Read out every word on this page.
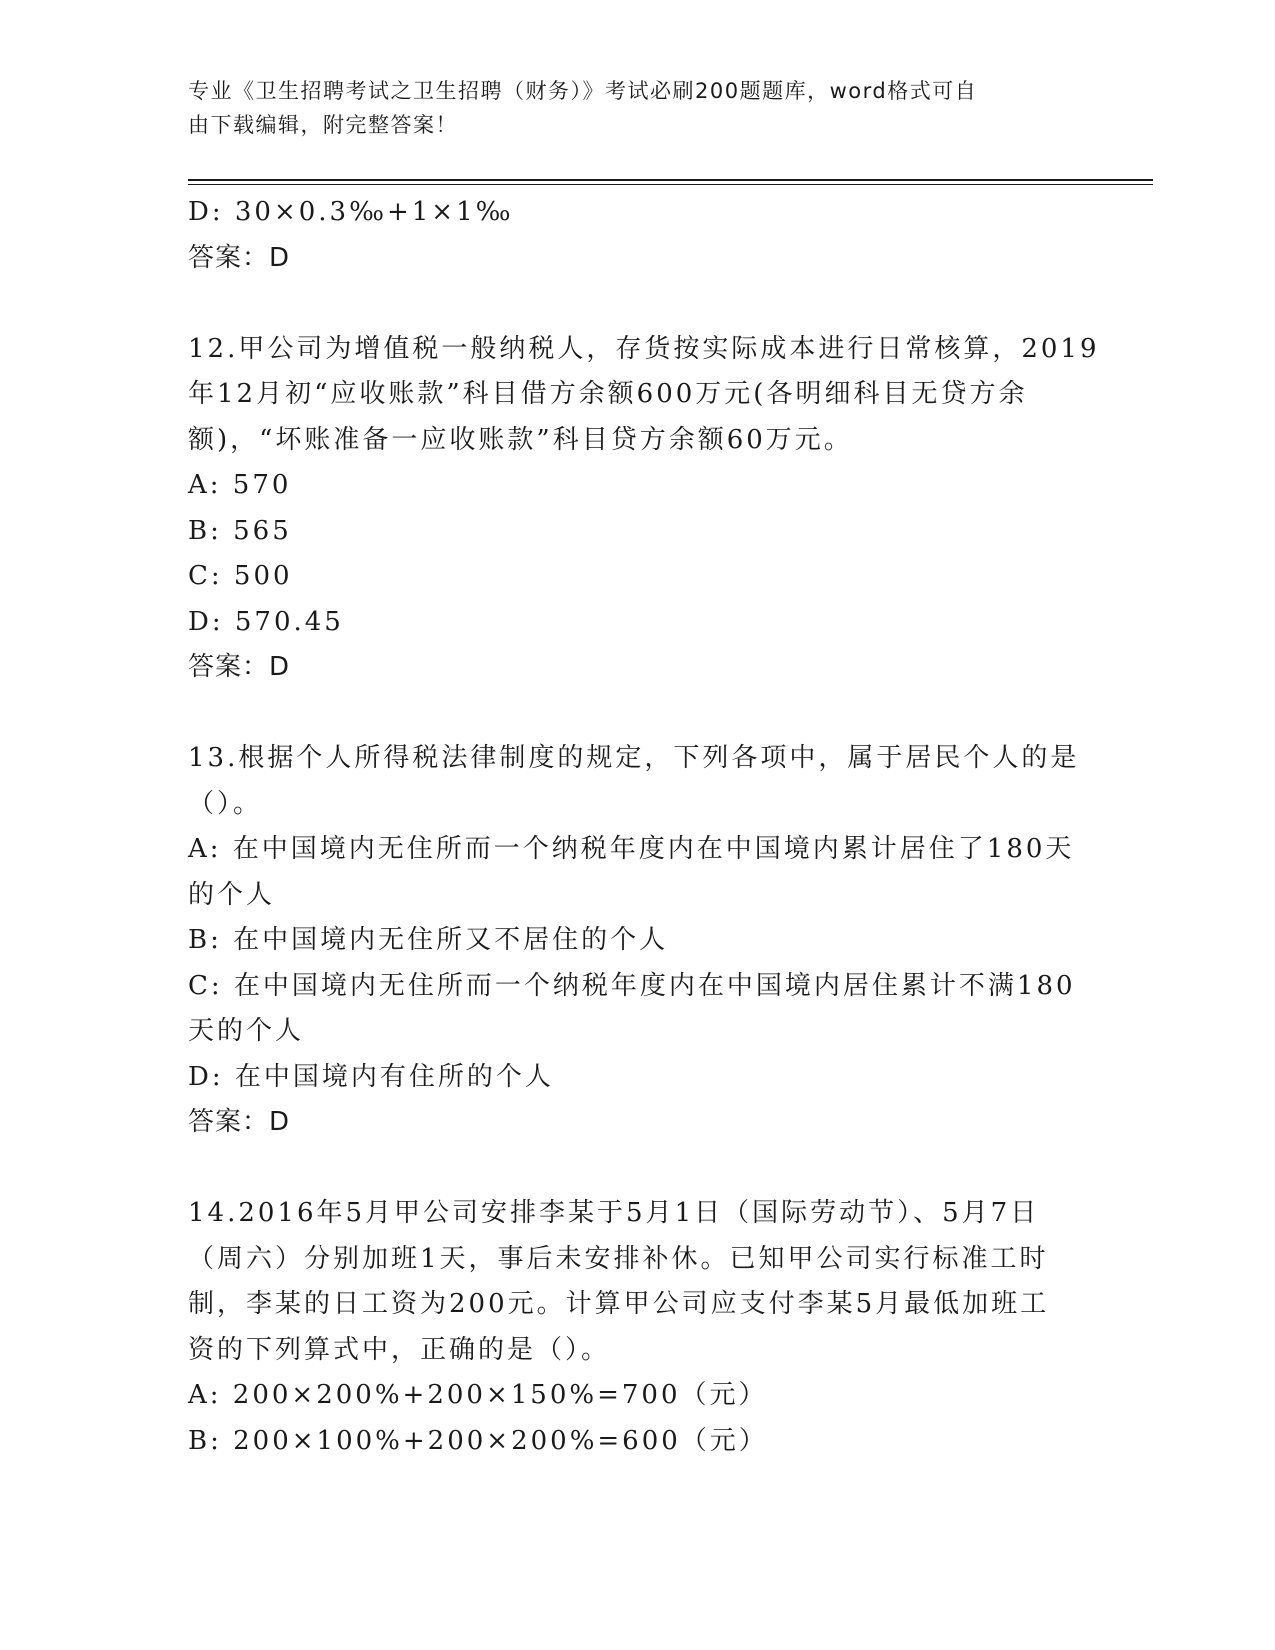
专业《卫生招聘考试之卫生招聘（财务）》考试必刷200题题库，word格式可自
由下载编辑，附完整答案！
D: 30×0.3‰+1×1‰
答案：D
12.甲公司为增值税一般纳税人，存货按实际成本进行日常核算，2019
年12月初“应收账款”科目借方余额600万元(各明细科目无贷方余
额)，“坏账准备一应收账款”科目贷方余额60万元。
A: 570
B: 565
C: 500
D: 570.45
答案：D
13.根据个人所得税法律制度的规定，下列各项中，属于居民个人的是
（）。
A: 在中国境内无住所而一个纳税年度内在中国境内累计居住了180天
的个人
B: 在中国境内无住所又不居住的个人
C: 在中国境内无住所而一个纳税年度内在中国境内居住累计不满180
天的个人
D: 在中国境内有住所的个人
答案：D
14.2016年5月甲公司安排李某于5月1日（国际劳动节）、5月7日
（周六）分别加班1天，事后未安排补休。已知甲公司实行标准工时
制，李某的日工资为200元。计算甲公司应支付李某5月最低加班工
资的下列算式中，正确的是（）。
A: 200×200%+200×150%=700（元）
B: 200×100%+200×200%=600（元）
